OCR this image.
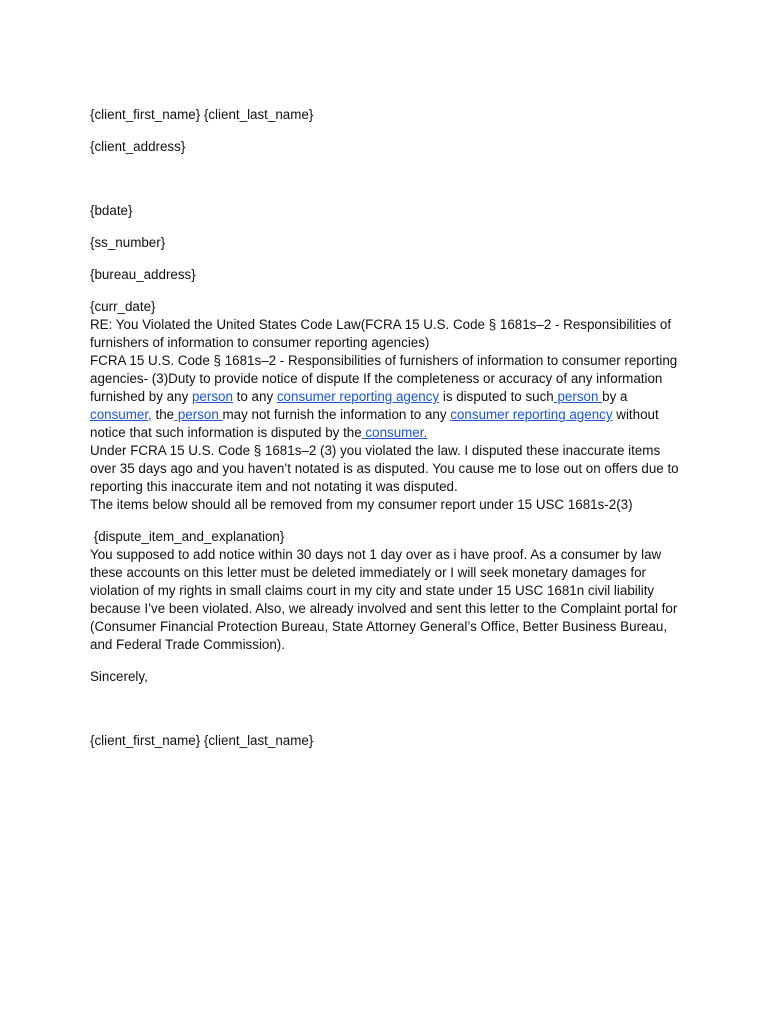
{client_first_name} {client_last_name}

{client_address}

{bdate}

{ss_number}

{bureau_address}

{curr_date}

RE: You Violated the United States Code Law(FCRA 15 U.S. Code § 1681s–2 - Responsibilities of furnishers of information to consumer reporting agencies)

FCRA 15 U.S. Code § 1681s–2 - Responsibilities of furnishers of information to consumer reporting agencies- (3)Duty to provide notice of dispute If the completeness or accuracy of any information furnished by any person to any consumer reporting agency is disputed to such person by a consumer, the person may not furnish the information to any consumer reporting agency without notice that such information is disputed by the consumer.

Under FCRA 15 U.S. Code § 1681s–2 (3) you violated the law. I disputed these inaccurate items over 35 days ago and you haven’t notated is as disputed. You cause me to lose out on offers due to reporting this inaccurate item and not notating it was disputed.

The items below should all be removed from my consumer report under 15 USC 1681s-2(3)

{dispute_item_and_explanation}

You supposed to add notice within 30 days not 1 day over as i have proof. As a consumer by law these accounts on this letter must be deleted immediately or I will seek monetary damages for violation of my rights in small claims court in my city and state under 15 USC 1681n civil liability because I’ve been violated. Also, we already involved and sent this letter to the Complaint portal for (Consumer Financial Protection Bureau, State Attorney General’s Office, Better Business Bureau, and Federal Trade Commission).

Sincerely,

{client_first_name} {client_last_name}
